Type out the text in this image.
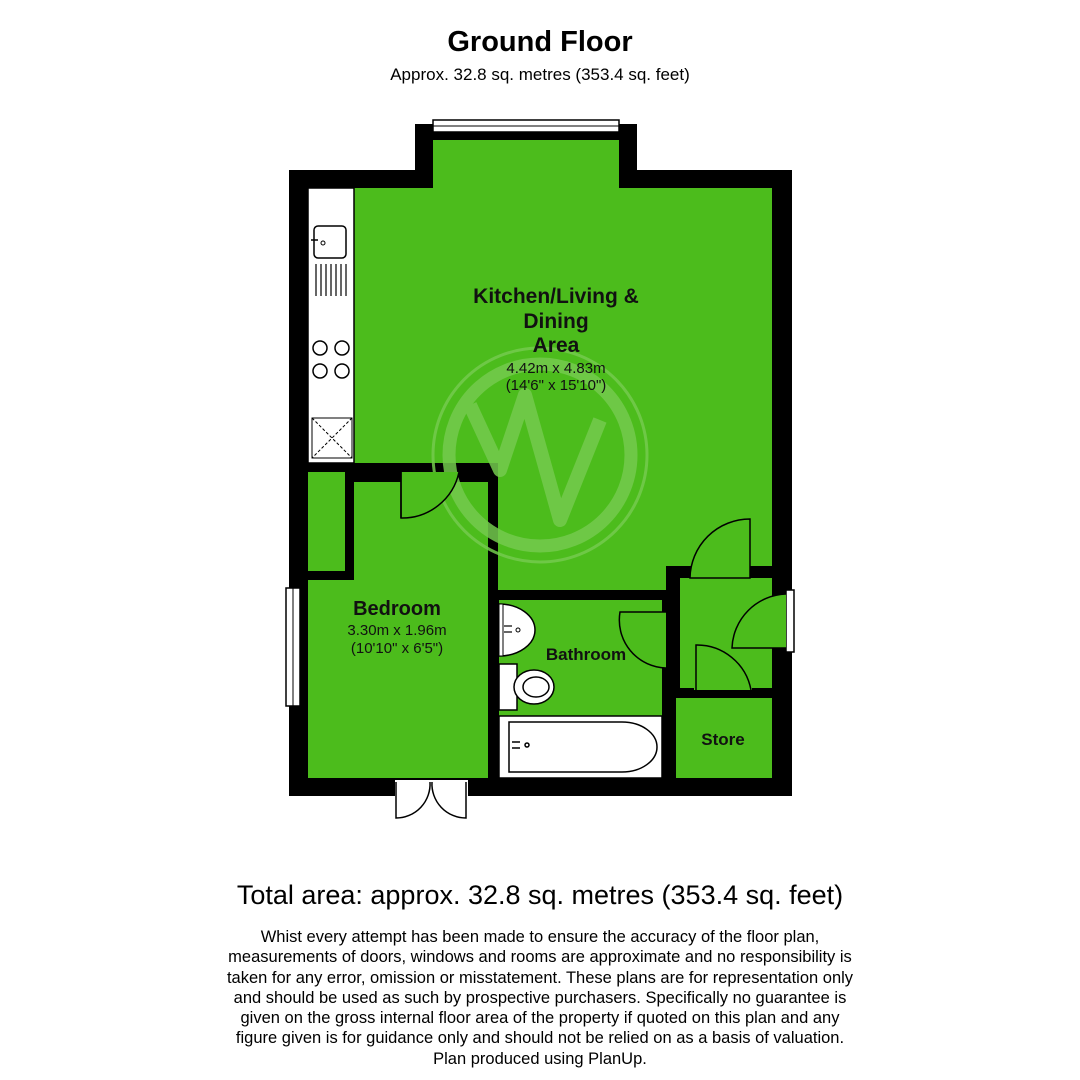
Ground Floor
Approx. 32.8 sq. metres (353.4 sq. feet)
Kitchen/Living &
Dining
Area
4.42m x 4.83m
(14'6" x 15'10")
Bedroom
3.30m x 1.96m
(10'10" x 6'5")	Bathroom
Store
Total area: approx. 32.8 sq. metres (353.4 sq. feet)
Whist every attempt has been made to ensure the accuracy of the floor plan,
measurements of doors, windows and rooms are approximate and no responsibility is
taken for any error, omission or misstatement. These plans are for representation only
and should be used as such by prospective purchasers. Specifically no guarantee is
given on the gross internal floor area of the property if quoted on this plan and any
figure given is for guidance only and should not be relied on as a basis of valuation.
Plan produced using PlanUp.
